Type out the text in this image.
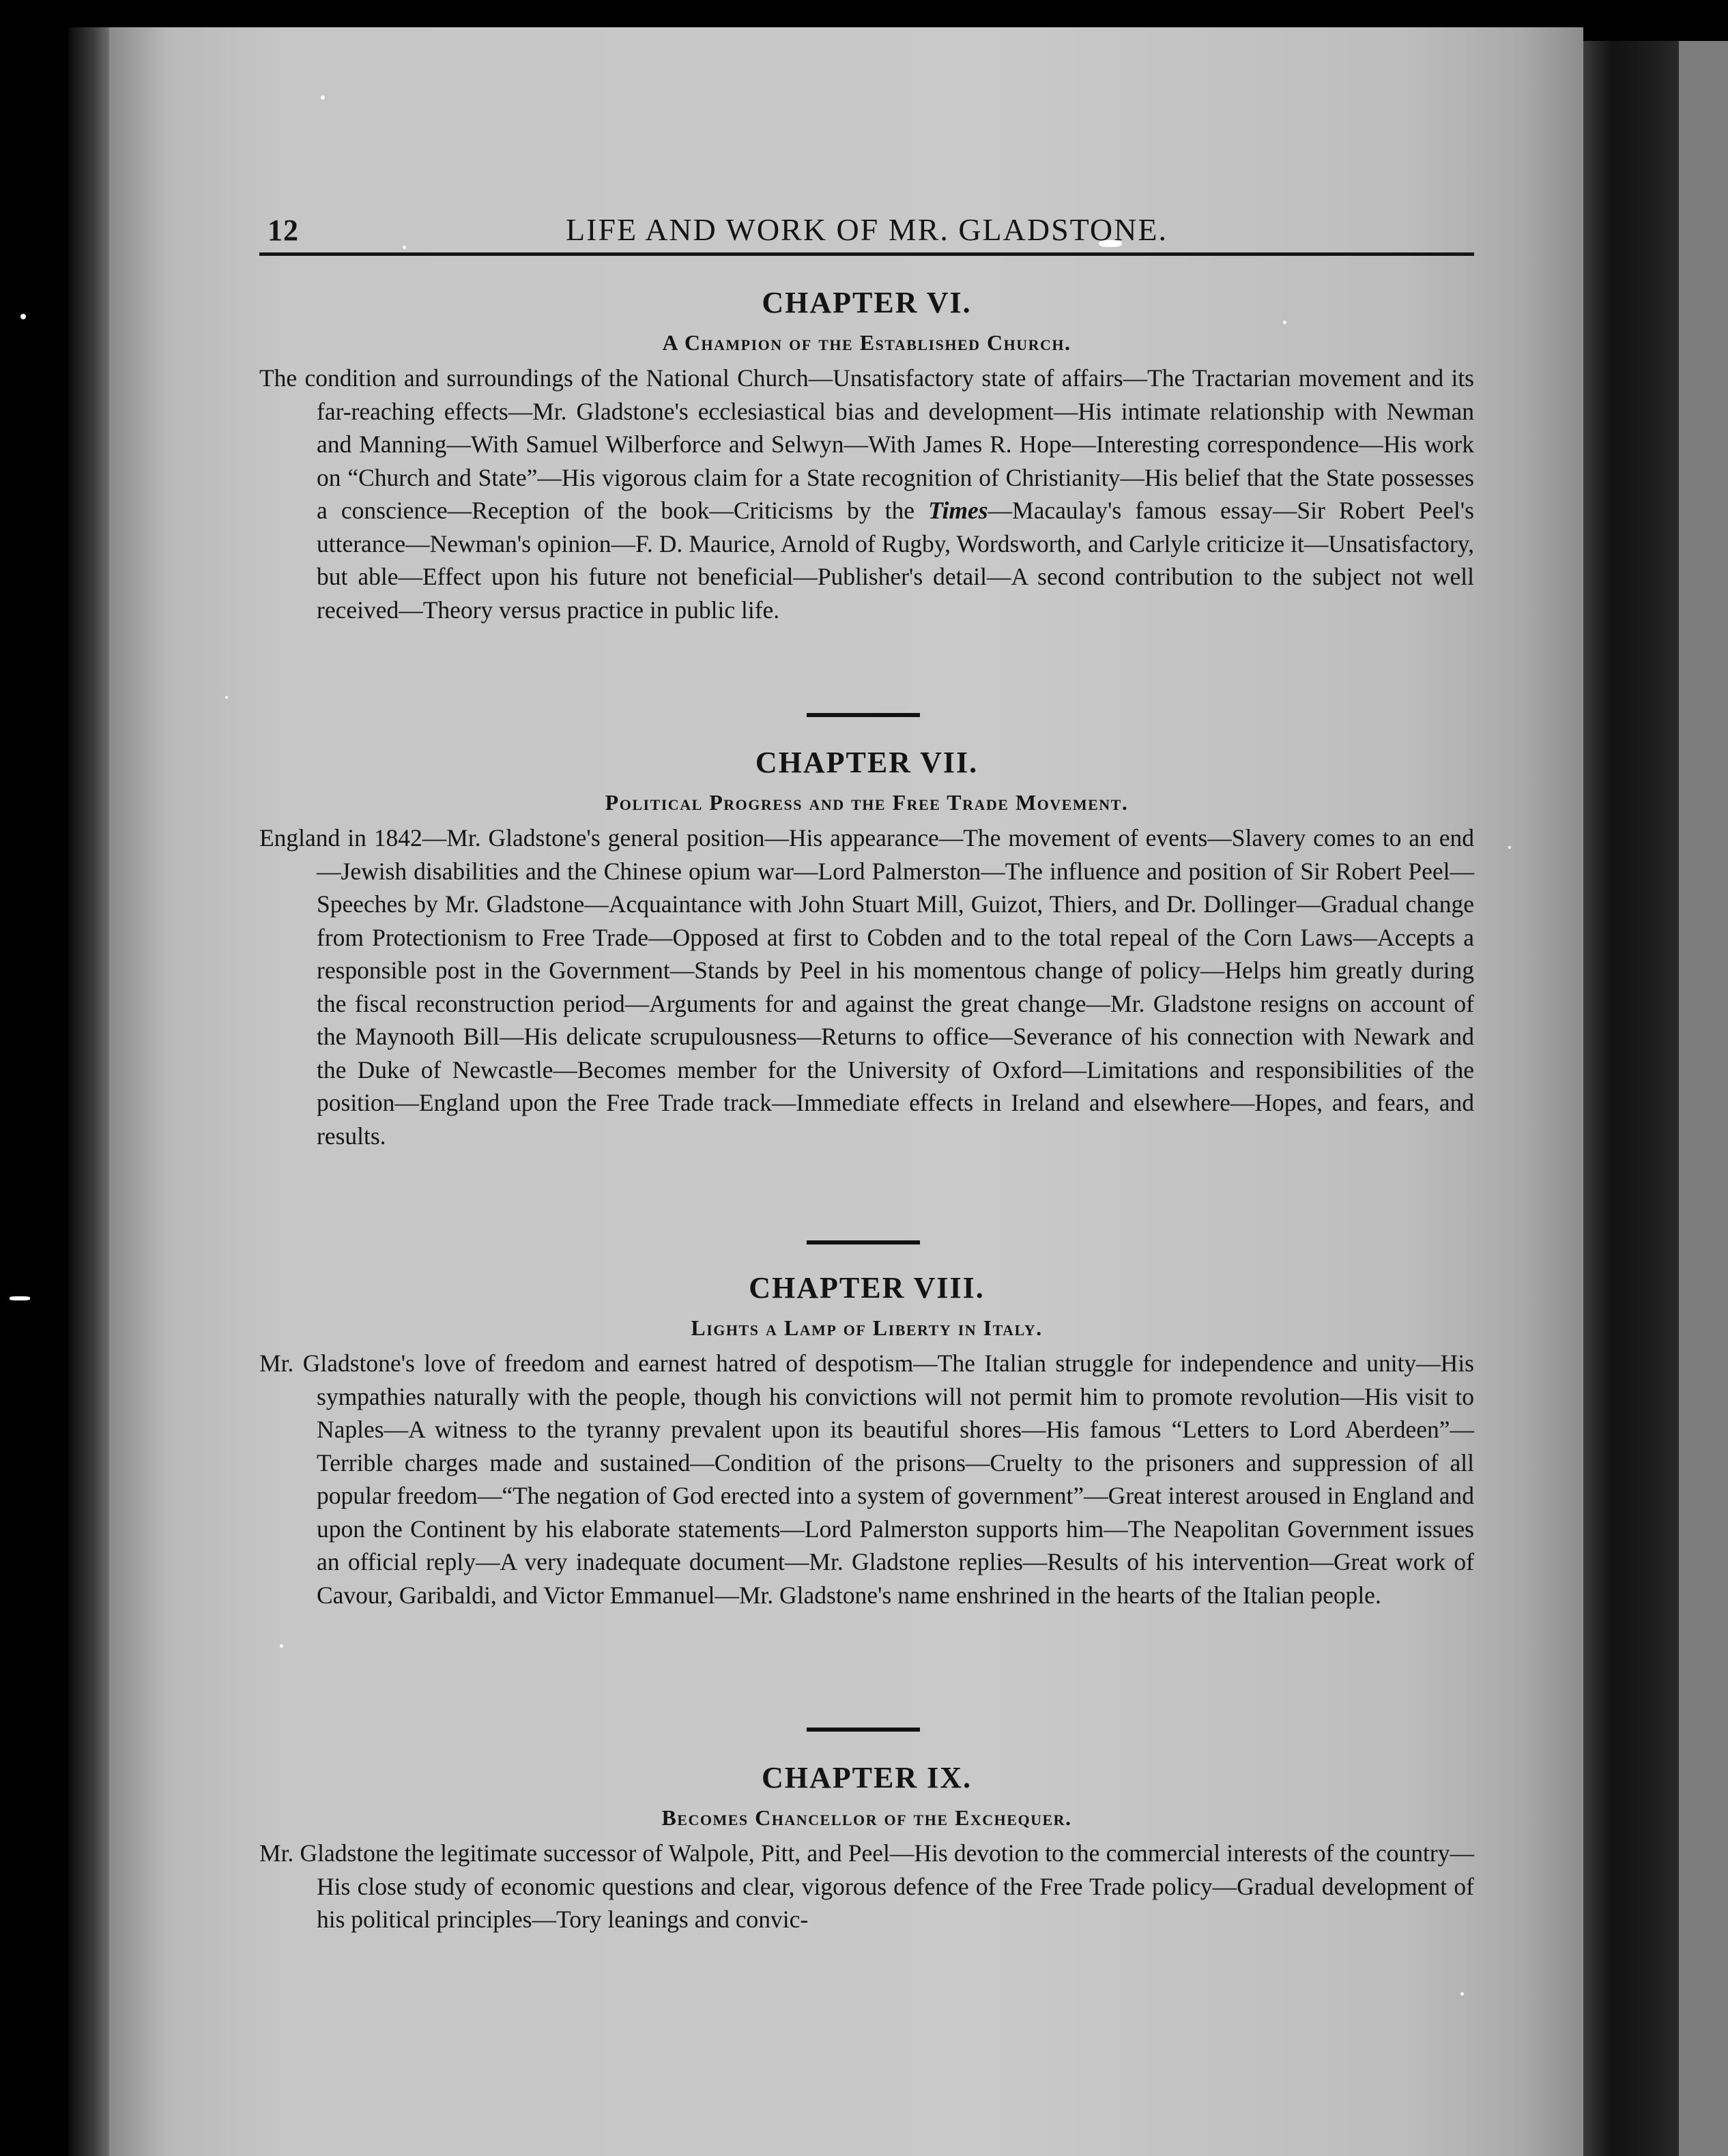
12	LIFE AND WORK OF MR. GLADSTONE.
CHAPTER VI.
A Champion of the Established Church.

The condition and surroundings of the National Church—Unsatisfactory state of affairs—The Tractarian movement and its far-reaching effects—Mr. Gladstone's ecclesiastical bias and development—His intimate relationship with Newman and Manning—With Samuel Wilberforce and Selwyn—With James R. Hope—Interesting correspondence—His work on “Church and State”—His vigorous claim for a State recognition of Christianity—His belief that the State possesses a conscience—Reception of the book—Criticisms by the Times—Macaulay's famous essay—Sir Robert Peel's utterance—Newman's opinion—F. D. Maurice, Arnold of Rugby, Wordsworth, and Carlyle criticize it—Unsatisfactory, but able—Effect upon his future not beneficial—Publisher's detail—A second contribution to the subject not well received—Theory versus practice in public life.

CHAPTER VII.
Political Progress and the Free Trade Movement.

England in 1842—Mr. Gladstone's general position—His appearance—The movement of events—Slavery comes to an end—Jewish disabilities and the Chinese opium war—Lord Palmerston—The influence and position of Sir Robert Peel—Speeches by Mr. Gladstone—Acquaintance with John Stuart Mill, Guizot, Thiers, and Dr. Dollinger—Gradual change from Protectionism to Free Trade—Opposed at first to Cobden and to the total repeal of the Corn Laws—Accepts a responsible post in the Government—Stands by Peel in his momentous change of policy—Helps him greatly during the fiscal reconstruction period—Arguments for and against the great change—Mr. Gladstone resigns on account of the Maynooth Bill—His delicate scrupulousness—Returns to office—Severance of his connection with Newark and the Duke of Newcastle—Becomes member for the University of Oxford—Limitations and responsibilities of the position—England upon the Free Trade track—Immediate effects in Ireland and elsewhere—Hopes, and fears, and results.

CHAPTER VIII.
Lights a Lamp of Liberty in Italy.

Mr. Gladstone's love of freedom and earnest hatred of despotism—The Italian struggle for independence and unity—His sympathies naturally with the people, though his convictions will not permit him to promote revolution—His visit to Naples—A witness to the tyranny prevalent upon its beautiful shores—His famous “Letters to Lord Aberdeen”—Terrible charges made and sustained—Condition of the prisons—Cruelty to the prisoners and suppression of all popular freedom—“The negation of God erected into a system of government”—Great interest aroused in England and upon the Continent by his elaborate statements—Lord Palmerston supports him—The Neapolitan Government issues an official reply—A very inadequate document—Mr. Gladstone replies—Results of his intervention—Great work of Cavour, Garibaldi, and Victor Emmanuel—Mr. Gladstone's name enshrined in the hearts of the Italian people.

CHAPTER IX.
Becomes Chancellor of the Exchequer.

Mr. Gladstone the legitimate successor of Walpole, Pitt, and Peel—His devotion to the commercial interests of the country—His close study of economic questions and clear, vigorous defence of the Free Trade policy—Gradual development of his political principles—Tory leanings and convic-
